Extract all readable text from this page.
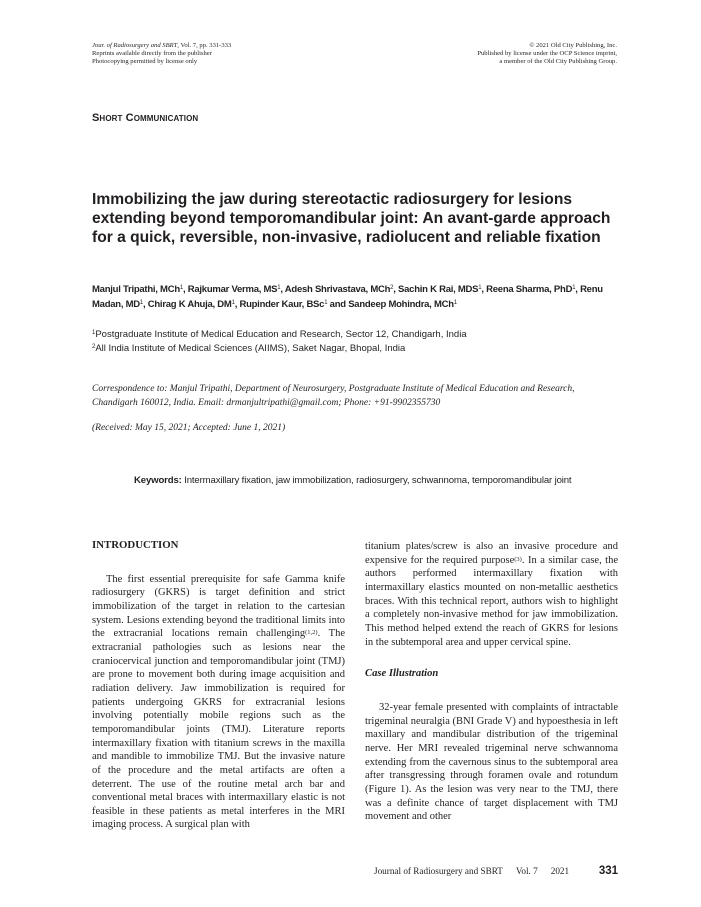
Jour. of Radiosurgery and SBRT, Vol. 7, pp. 331-333
Reprints available directly from the publisher
Photocopying permitted by license only
© 2021 Old City Publishing, Inc.
Published by license under the OCP Science imprint,
a member of the Old City Publishing Group.
Short Communication
Immobilizing the jaw during stereotactic radiosurgery for lesions extending beyond temporomandibular joint: An avant-garde approach for a quick, reversible, non-invasive, radiolucent and reliable fixation
Manjul Tripathi, MCh$^1$, Rajkumar Verma, $MS^1$, Adesh Shrivastava, MCh$^2$, Sachin K Rai, MDS$^1$, Reena Sharma, PhD$^1$, Renu Madan, $MD^1$, Chirag K Ahuja, $DM^1$, Rupinder Kaur, BSc$^1$ and Sandeep Mohindra, MCh$^1$
$^1$Postgraduate Institute of Medical Education and Research, Sector 12, Chandigarh, India
$^2$All India Institute of Medical Sciences (AIIMS), Saket Nagar, Bhopal, India
Correspondence to: Manjul Tripathi, Department of Neurosurgery, Postgraduate Institute of Medical Education and Research, Chandigarh 160012, India. Email: drmanjultripathi@gmail.com; Phone: +91-9902355730
(Received: May 15, 2021; Accepted: June 1, 2021)
Keywords: Intermaxillary fixation, jaw immobilization, radiosurgery, schwannoma, temporomandibular joint
INTRODUCTION

The first essential prerequisite for safe Gamma knife radiosurgery (GKRS) is target definition and strict immobilization of the target in relation to the cartesian system. Lesions extending beyond the traditional limits into the extracranial locations remain challenging$^{(1,2)}$. The extracranial pathologies such as lesions near the craniocervical junction and temporomandibular joint (TMJ) are prone to movement both during image acquisition and radiation delivery. Jaw immobilization is required for patients undergoing GKRS for extracranial lesions involving potentially mobile regions such as the temporomandibular joints (TMJ). Literature reports intermaxillary fixation with titanium screws in the maxilla and mandible to immobilize TMJ. But the invasive nature of the procedure and the metal artifacts are often a deterrent. The use of the routine metal arch bar and conventional metal braces with intermaxillary elastic is not feasible in these patients as metal interferes in the MRI imaging process. A surgical plan with

titanium plates/screw is also an invasive procedure and expensive for the required purpose$^{(3)}$. In a similar case, the authors performed intermaxillary fixation with intermaxillary elastics mounted on non-metallic aesthetics braces. With this technical report, authors wish to highlight a completely non-invasive method for jaw immobilization. This method helped extend the reach of GKRS for lesions in the subtemporal area and upper cervical spine.

Case Illustration

32-year female presented with complaints of intractable trigeminal neuralgia (BNI Grade V) and hypoesthesia in left maxillary and mandibular distribution of the trigeminal nerve. Her MRI revealed trigeminal nerve schwannoma extending from the cavernous sinus to the subtemporal area after transgressing through foramen ovale and rotundum (Figure 1). As the lesion was very near to the TMJ, there was a definite chance of target displacement with TMJ movement and other

Journal of Radiosurgery and SBRT Vol. 7 2021	331
